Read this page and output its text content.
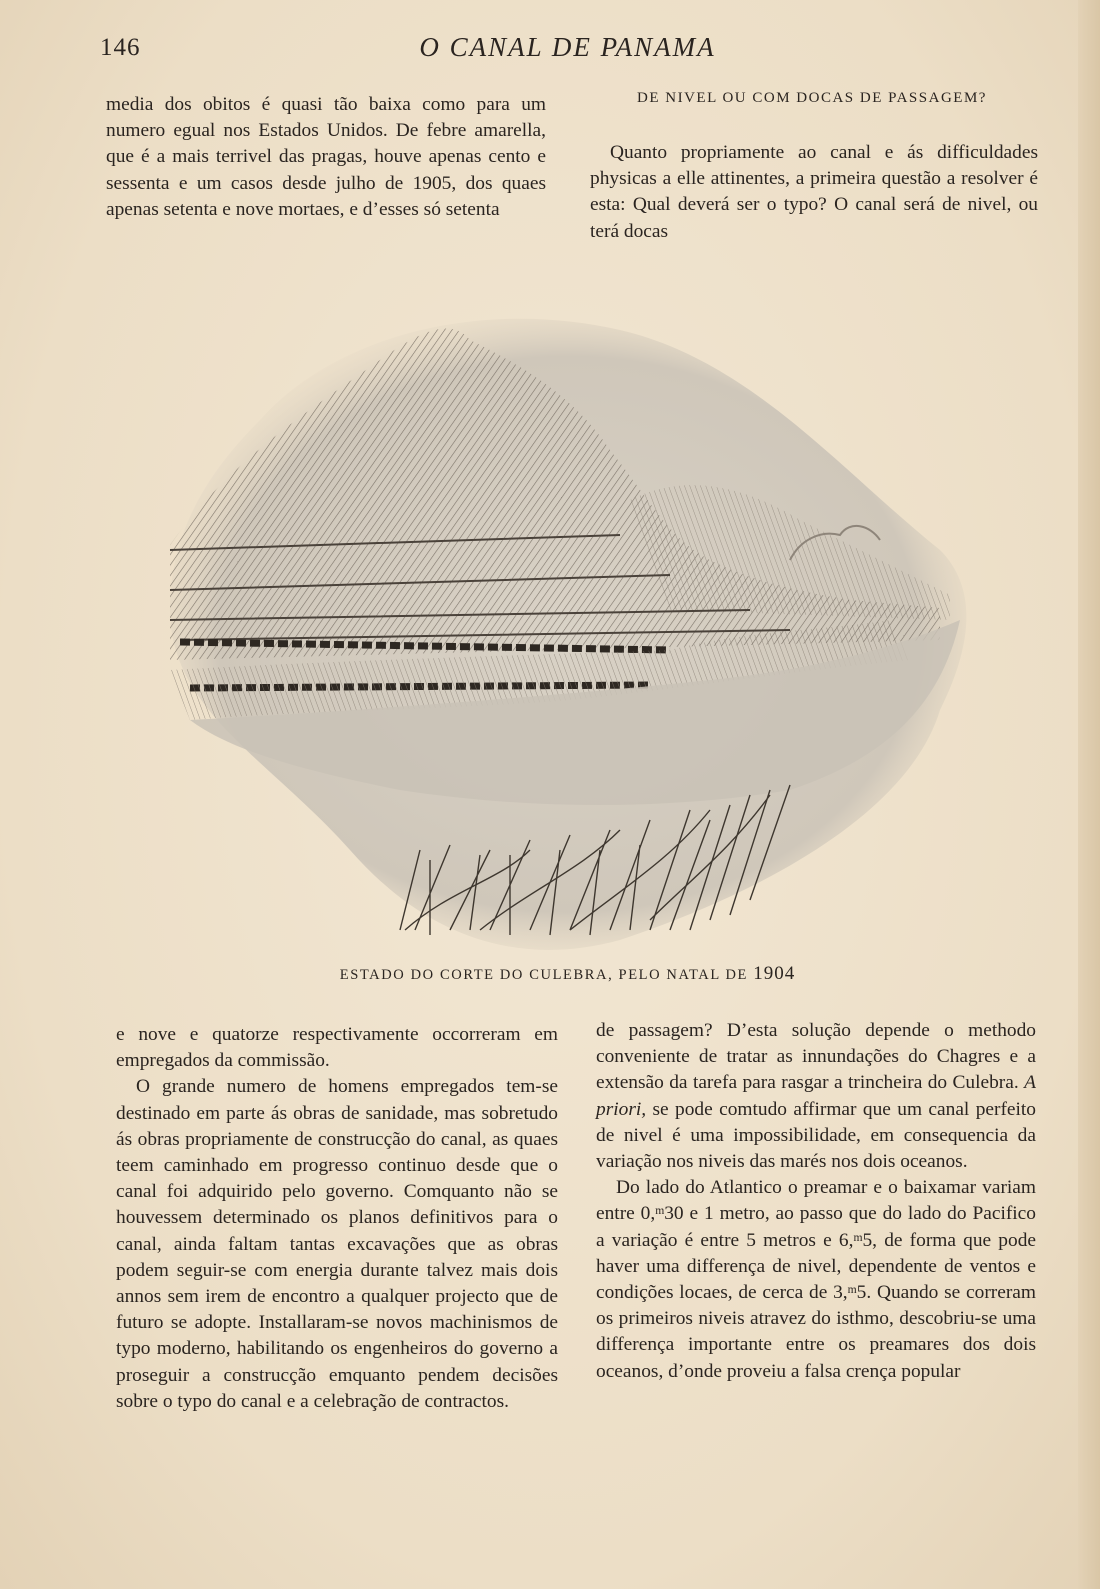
146	O CANAL DE PANAMA

media dos obitos é quasi tão baixa como para um numero egual nos Estados Unidos. De febre amarella, que é a mais terrivel das pragas, houve apenas cento e sessenta e um casos desde julho de 1905, dos quaes apenas setenta e nove mortaes, e d’esses só setenta

DE NIVEL OU COM DOCAS DE PASSAGEM?

Quanto propriamente ao canal e ás difficuldades physicas a elle attinentes, a primeira questão a resolver é esta: Qual deverá ser o typo? O canal será de nivel, ou terá docas

ESTADO DO CORTE DO CULEBRA, PELO NATAL DE 1904

e nove e quatorze respectivamente occorreram em empregados da commissão.

O grande numero de homens empregados tem-se destinado em parte ás obras de sanidade, mas sobretudo ás obras propriamente de construcção do canal, as quaes teem caminhado em progresso continuo desde que o canal foi adquirido pelo governo. Comquanto não se houvessem determinado os planos definitivos para o canal, ainda faltam tantas excavações que as obras podem seguir-se com energia durante talvez mais dois annos sem irem de encontro a qualquer projecto que de futuro se adopte. Installaram-se novos machinismos de typo moderno, habilitando os engenheiros do governo a proseguir a construcção emquanto pendem decisões sobre o typo do canal e a celebração de contractos.

de passagem? D’esta solução depende o methodo conveniente de tratar as innundações do Chagres e a extensão da tarefa para rasgar a trincheira do Culebra. A priori, se pode comtudo affirmar que um canal perfeito de nivel é uma impossibilidade, em consequencia da variação nos niveis das marés nos dois oceanos.

Do lado do Atlantico o preamar e o baixamar variam entre 0,$^m$30 e 1 metro, ao passo que do lado do Pacifico a variação é entre 5 metros e 6,$^m$5, de forma que pode haver uma differença de nivel, dependente de ventos e condições locaes, de cerca de 3,$^m$5. Quando se correram os primeiros niveis atravez do isthmo, descobriu-se uma differença importante entre os preamares dos dois oceanos, d’onde proveiu a falsa crença popular
